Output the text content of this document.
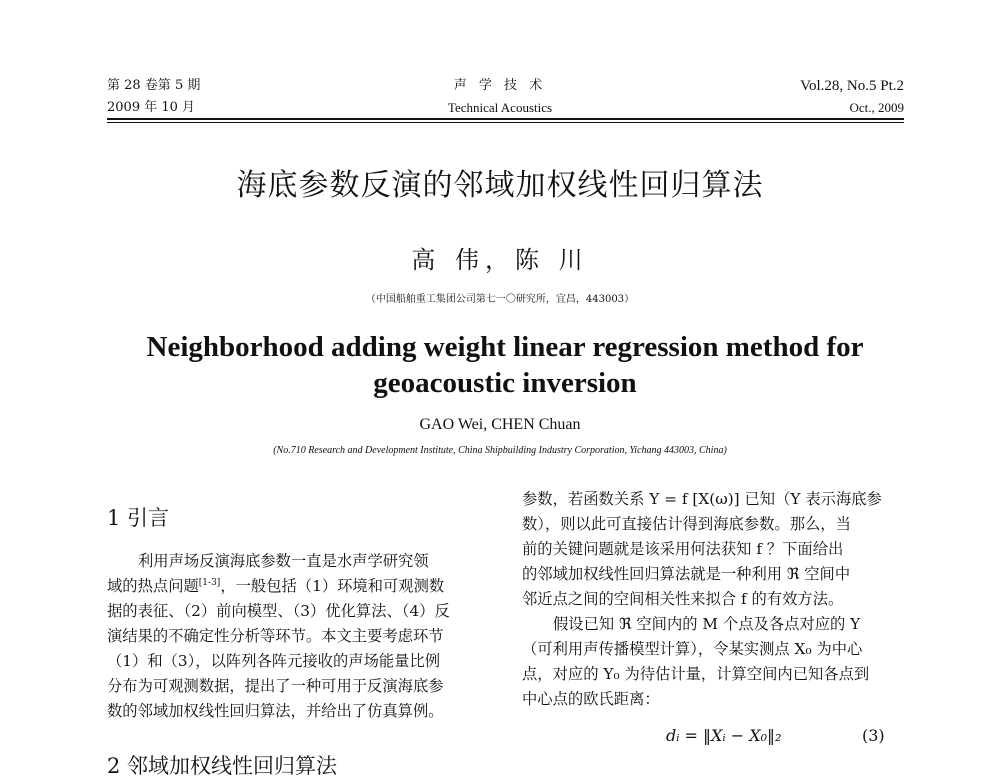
第 28 卷第 5 期
2009 年 10 月
声 学 技 术
Technical Acoustics
Vol.28, No.5 Pt.2
Oct., 2009
海底参数反演的邻域加权线性回归算法
高 伟，陈 川
（中国船舶重工集团公司第七一〇研究所，宜昌，443003）
Neighborhood adding weight linear regression method for geoacoustic inversion
GAO Wei, CHEN Chuan
(No.710 Research and Development Institute, China Shipbuilding Industry Corporation, Yichang 443003, China)
1 引言
利用声场反演海底参数一直是水声学研究领
域的热点问题[1-3]，一般包括（1）环境和可观测数
据的表征、（2）前向模型、（3）优化算法、（4）反
演结果的不确定性分析等环节。本文主要考虑环节
（1）和（3），以阵列各阵元接收的声场能量比例
分布为可观测数据，提出了一种可用于反演海底参
数的邻域加权线性回归算法，并给出了仿真算例。
参数，若函数关系 Y = f [X(ω)] 已知（Y 表示海底参
数），则以此可直接估计得到海底参数。那么，当
前的关键问题就是该采用何法获知 f ？下面给出
的邻域加权线性回归算法就是一种利用 ℜ 空间中
邻近点之间的空间相关性来拟合 f 的有效方法。
假设已知 ℜ 空间内的 M 个点及各点对应的 Y
（可利用声传播模型计算），令某实测点 X₀ 为中心
点，对应的 Y₀ 为待估计量，计算空间内已知各点到
中心点的欧氏距离：
dᵢ = ‖Xᵢ − X₀‖₂	(3)
2 邻域加权线性回归算法
